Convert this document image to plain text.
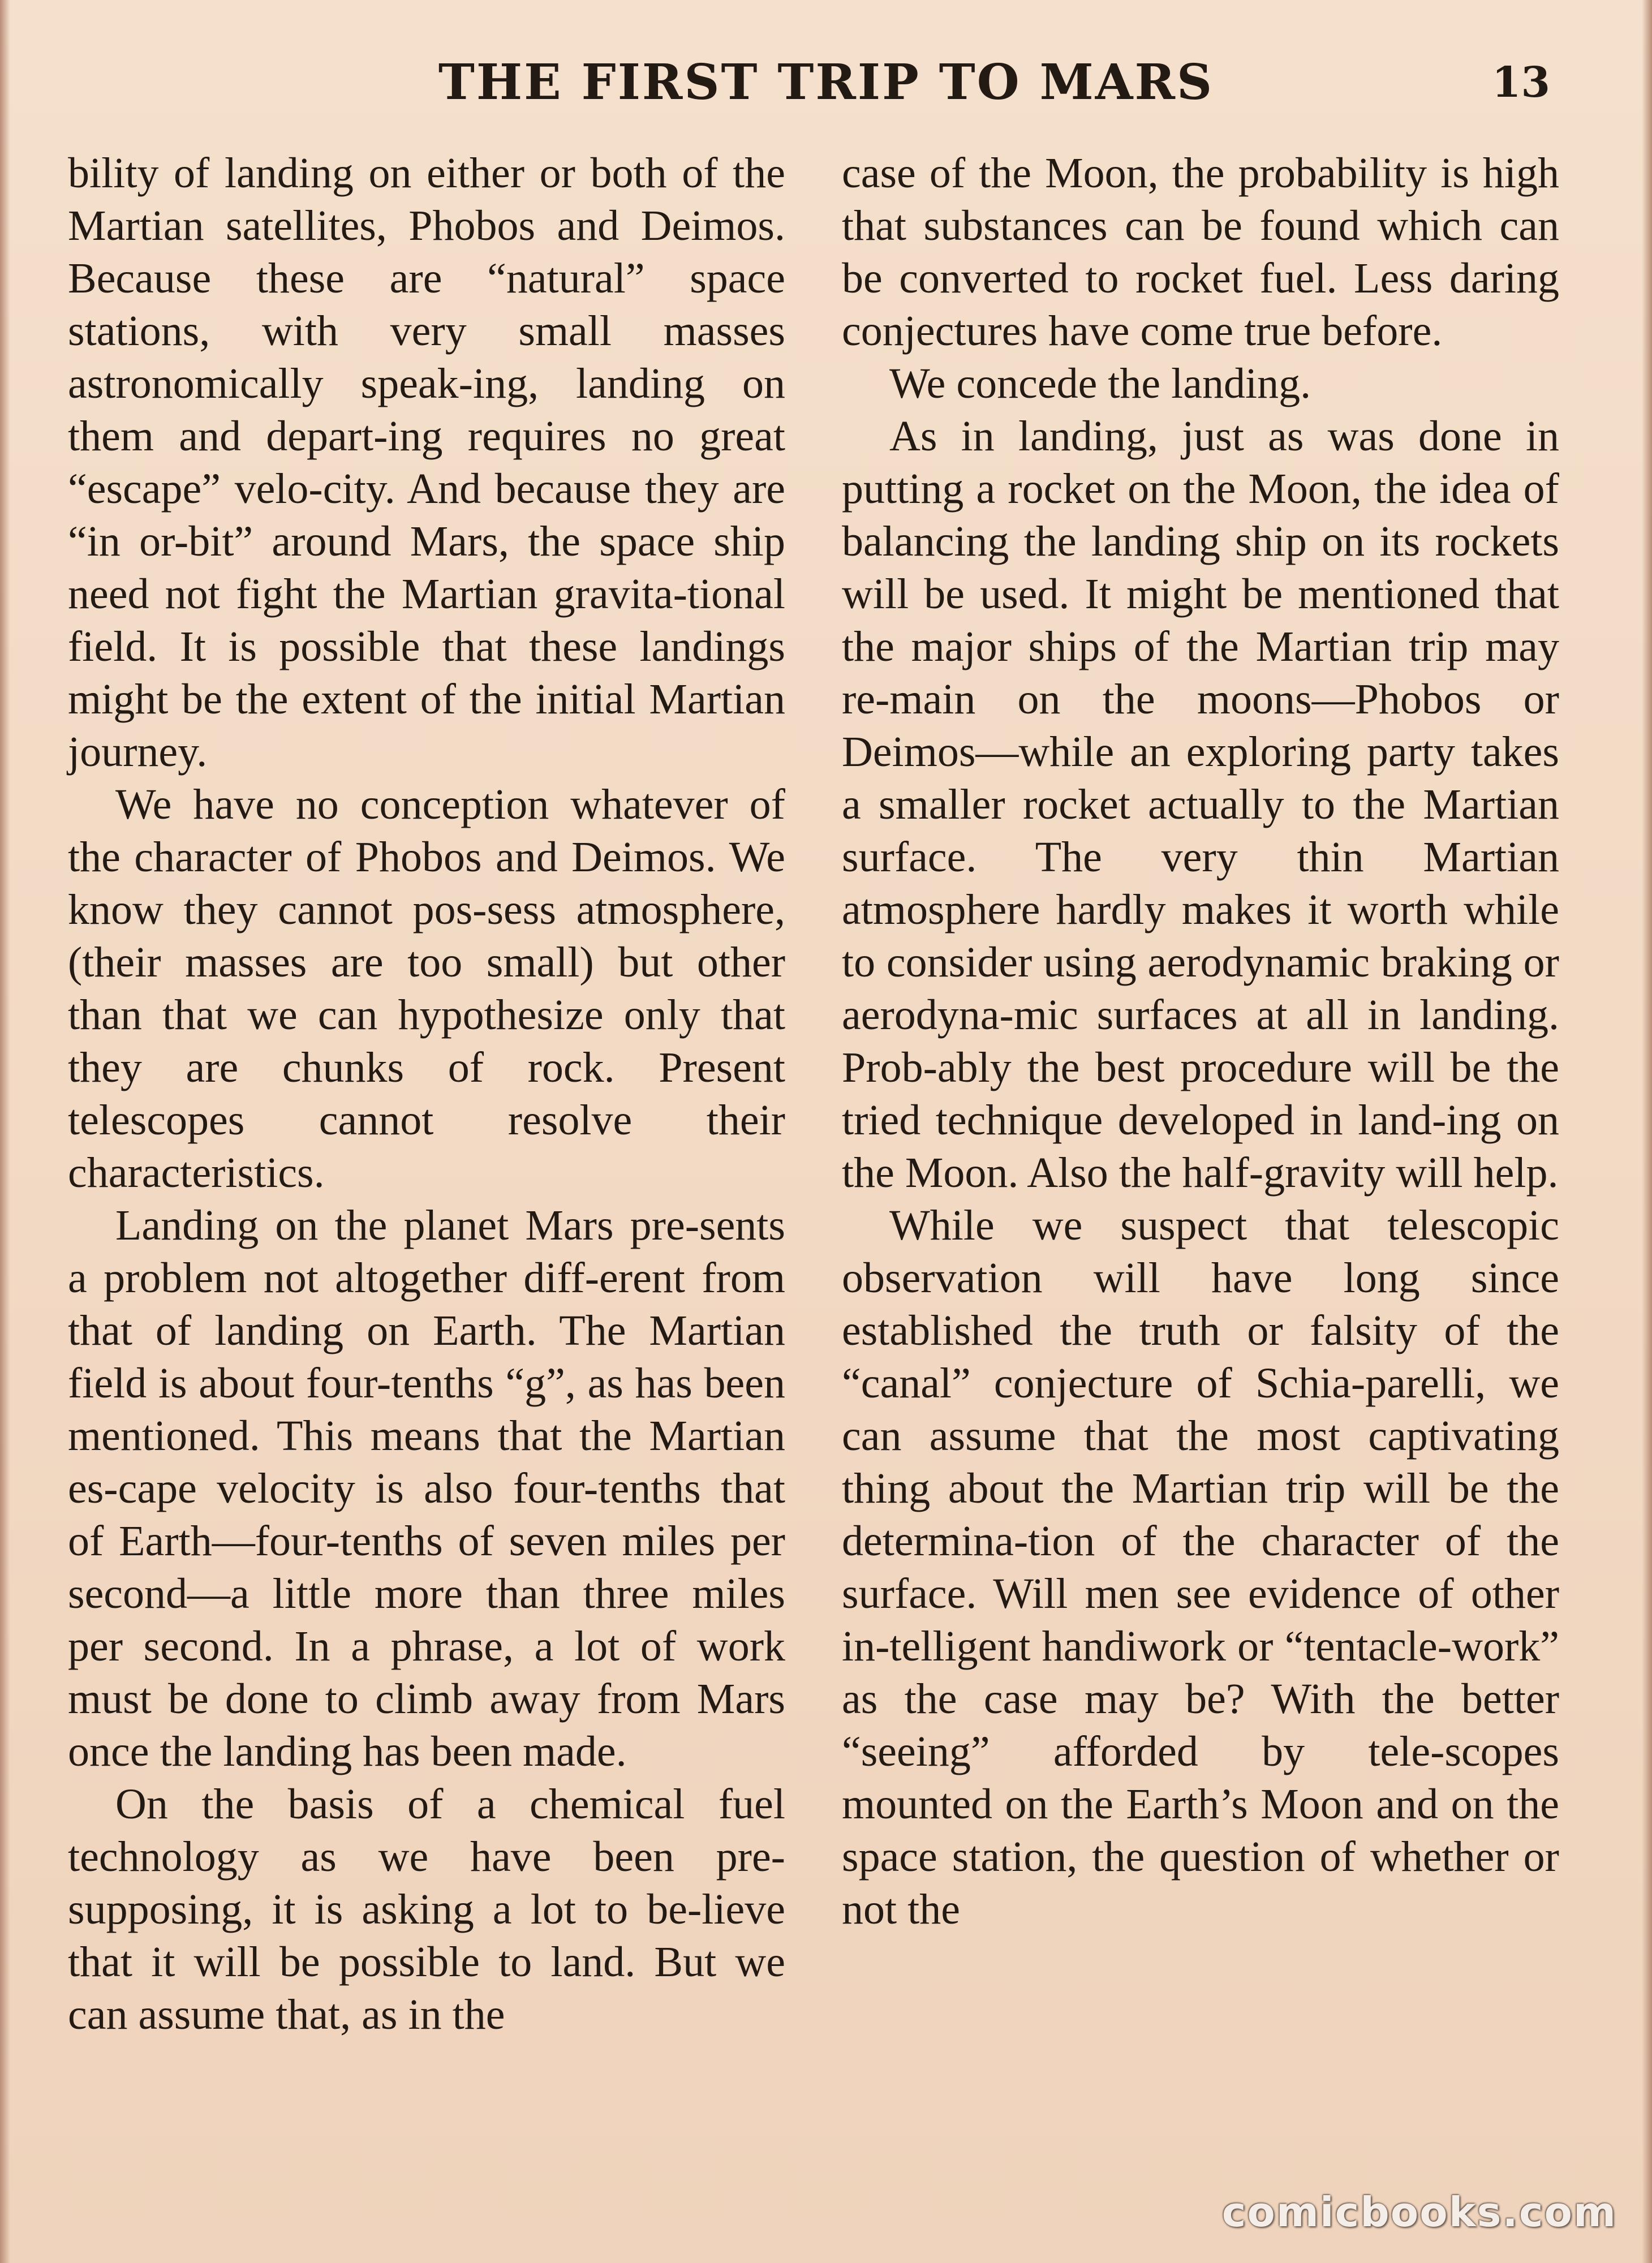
THE FIRST TRIP TO MARS	13

bility of landing on either or both of the Martian satellites, Phobos and Deimos. Because these are “natural” space stations, with very small masses astronomically speak-ing, landing on them and depart-ing requires no great “escape” velo-city. And because they are “in or-bit” around Mars, the space ship need not fight the Martian gravita-tional field. It is possible that these landings might be the extent of the initial Martian journey.

We have no conception whatever of the character of Phobos and Deimos. We know they cannot pos-sess atmosphere, (their masses are too small) but other than that we can hypothesize only that they are chunks of rock. Present telescopes cannot resolve their characteristics.

Landing on the planet Mars pre-sents a problem not altogether diff-erent from that of landing on Earth. The Martian field is about four-tenths “g”, as has been mentioned. This means that the Martian es-cape velocity is also four-tenths that of Earth—four-tenths of seven miles per second—a little more than three miles per second. In a phrase, a lot of work must be done to climb away from Mars once the landing has been made.

On the basis of a chemical fuel technology as we have been pre-supposing, it is asking a lot to be-lieve that it will be possible to land. But we can assume that, as in the

case of the Moon, the probability is high that substances can be found which can be converted to rocket fuel. Less daring conjectures have come true before.

We concede the landing.

As in landing, just as was done in putting a rocket on the Moon, the idea of balancing the landing ship on its rockets will be used. It might be mentioned that the major ships of the Martian trip may re-main on the moons—Phobos or Deimos—while an exploring party takes a smaller rocket actually to the Martian surface. The very thin Martian atmosphere hardly makes it worth while to consider using aerodynamic braking or aerodyna-mic surfaces at all in landing. Prob-ably the best procedure will be the tried technique developed in land-ing on the Moon. Also the half-gravity will help.

While we suspect that telescopic observation will have long since established the truth or falsity of the “canal” conjecture of Schia-parelli, we can assume that the most captivating thing about the Martian trip will be the determina-tion of the character of the surface. Will men see evidence of other in-telligent handiwork or “tentacle-work” as the case may be? With the better “seeing” afforded by tele-scopes mounted on the Earth’s Moon and on the space station, the question of whether or not the

comicbooks.com
